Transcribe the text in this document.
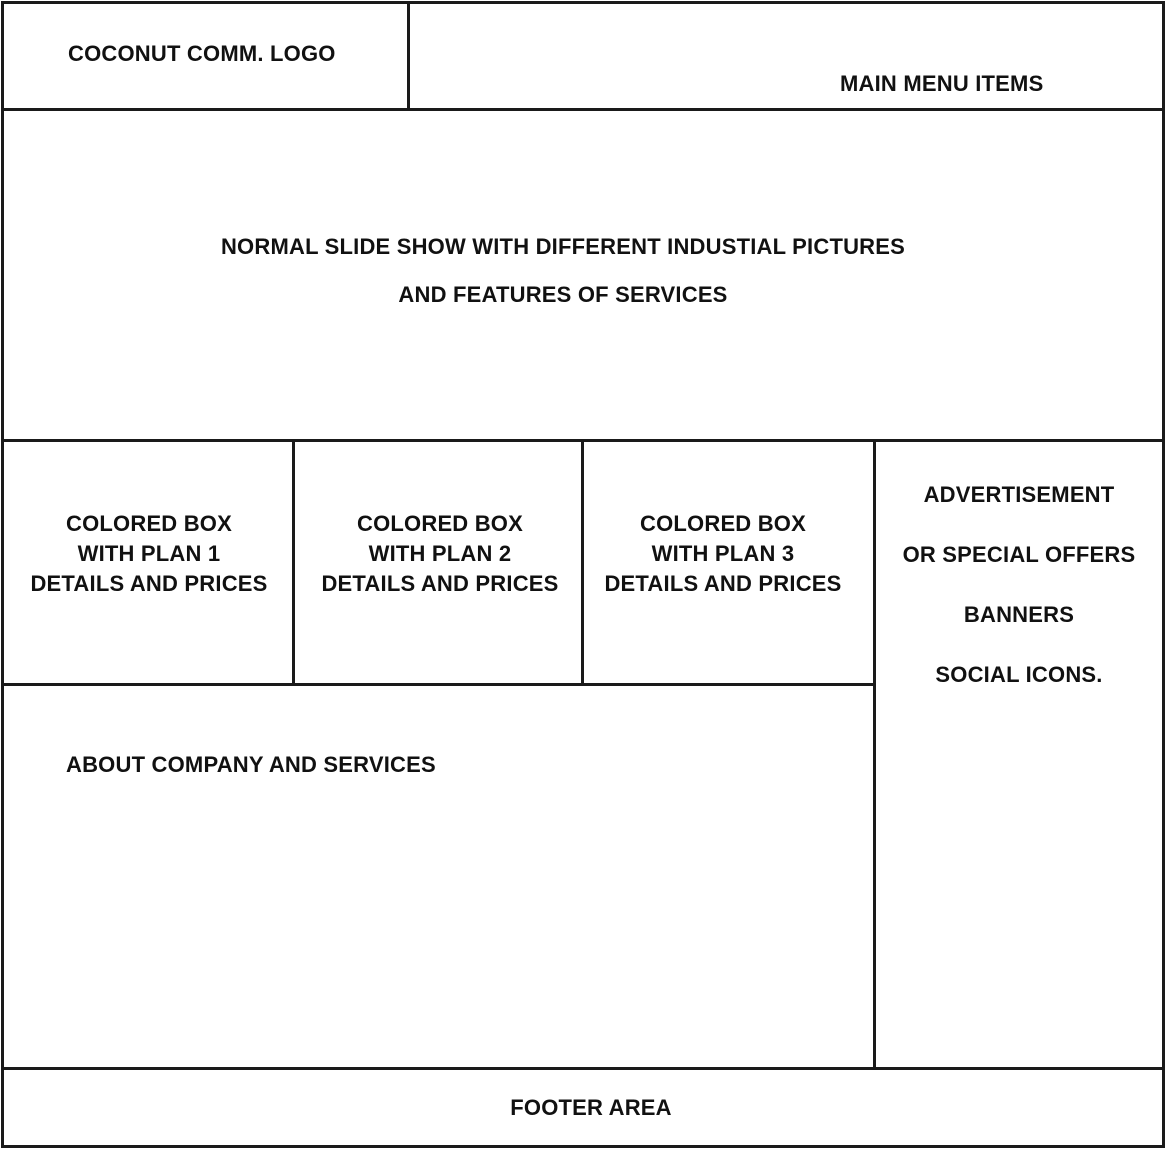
COCONUT COMM. LOGO
MAIN MENU ITEMS
NORMAL SLIDE SHOW WITH DIFFERENT INDUSTIAL PICTURES
AND FEATURES OF SERVICES
COLORED BOX
WITH PLAN 1
DETAILS AND PRICES
COLORED BOX
WITH PLAN 2
DETAILS AND PRICES
COLORED BOX
WITH PLAN 3
DETAILS AND PRICES
ADVERTISEMENT
OR SPECIAL OFFERS
BANNERS
SOCIAL ICONS.
ABOUT COMPANY AND SERVICES
FOOTER AREA
